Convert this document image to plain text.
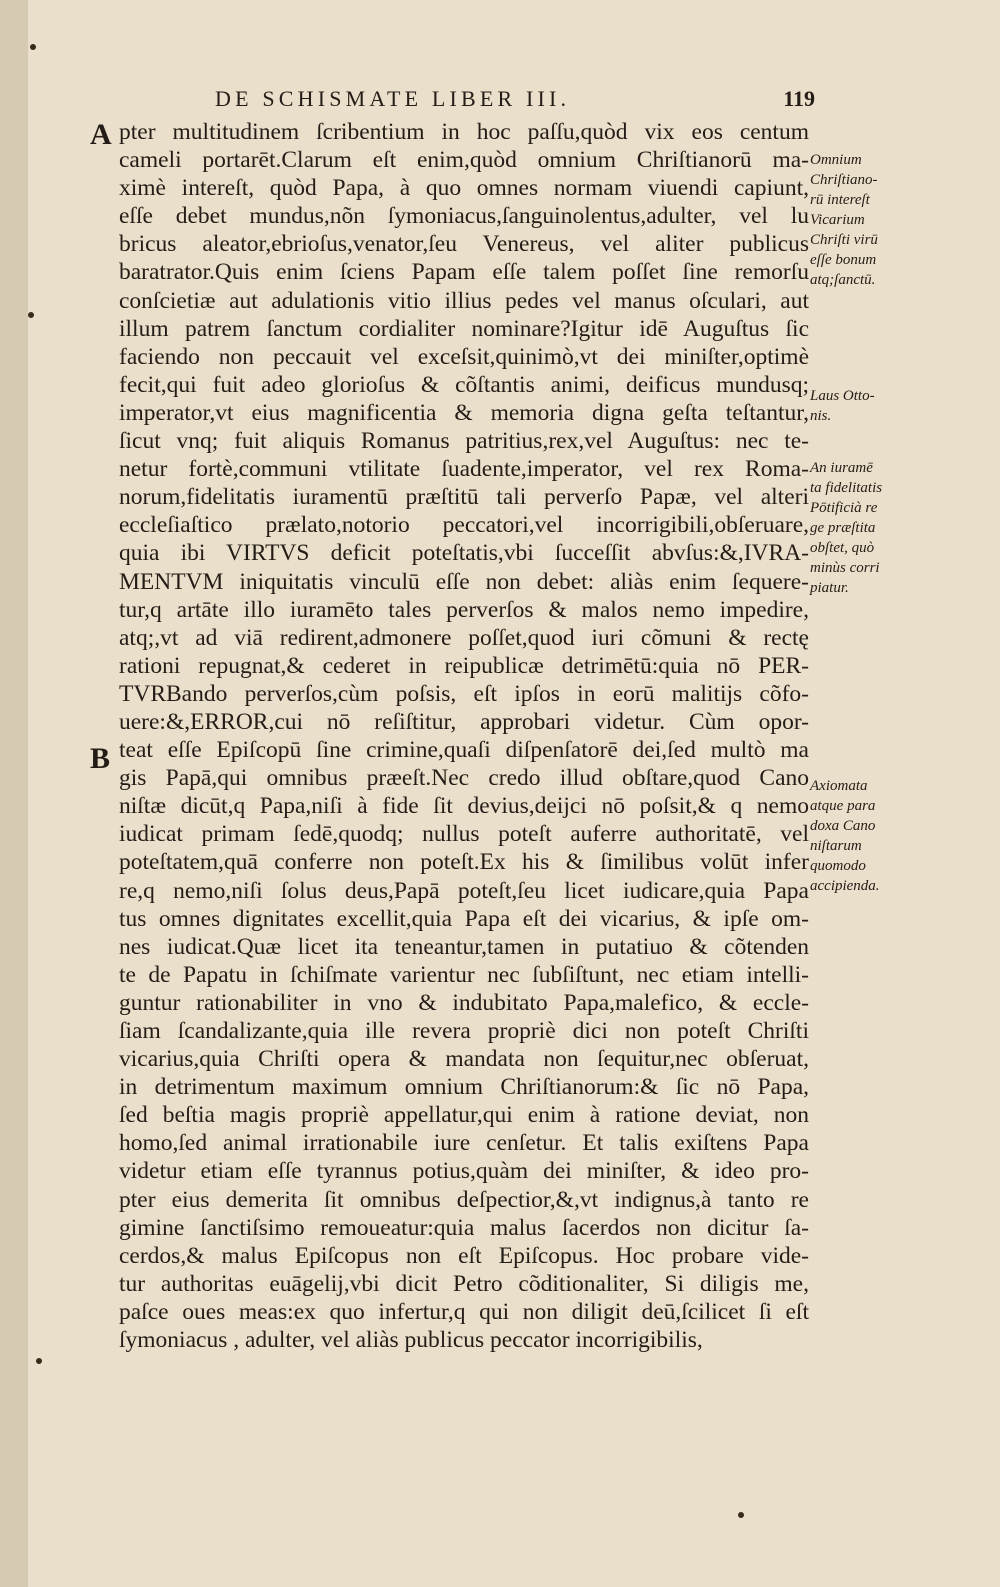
DE SCHISMATE LIBER III.	119
A
B
pter multitudinem ſcribentium in hoc paſſu,quòd vix eos centum
cameli portarēt.Clarum eſt enim,quòd omnium Chriſtianorū ma-
ximè intereſt, quòd Papa, à quo omnes normam viuendi capiunt,
eſſe debet mundus,nõn ſymoniacus,ſanguinolentus,adulter, vel lu
bricus aleator,ebrioſus,venator,ſeu Venereus, vel aliter publicus
baratrator.Quis enim ſciens Papam eſſe talem poſſet ſine remorſu
conſcietiæ aut adulationis vitio illius pedes vel manus oſculari, aut
illum patrem ſanctum cordialiter nominare?Igitur idē Auguſtus ſic
faciendo non peccauit vel exceſsit,quinimò,vt dei miniſter,optimè
fecit,qui fuit adeo glorioſus & cõſtantis animi, deificus mundusq;
imperator,vt eius magnificentia & memoria digna geſta teſtantur,
ſicut vnq; fuit aliquis Romanus patritius,rex,vel Auguſtus: nec te-
netur fortè,communi vtilitate ſuadente,imperator, vel rex Roma-
norum,fidelitatis iuramentū præſtitū tali perverſo Papæ, vel alteri
eccleſiaſtico prælato,notorio peccatori,vel incorrigibili,obſeruare,
quia ibi VIRTVS deficit poteſtatis,vbi ſucceſſit abvſus:&,IVRA-
MENTVM iniquitatis vinculū eſſe non debet: aliàs enim ſequere-
tur,q artāte illo iuramēto tales perverſos & malos nemo impedire,
atq;,vt ad viā redirent,admonere poſſet,quod iuri cõmuni & rectę
rationi repugnat,& cederet in reipublicæ detrimētū:quia nō PER-
TVRBando perverſos,cùm poſsis, eſt ipſos in eorū malitijs cõfo-
uere:&,ERROR,cui nō reſiſtitur, approbari videtur. Cùm opor-
teat eſſe Epiſcopū ſine crimine,quaſi diſpenſatorē dei,ſed multò ma
gis Papā,qui omnibus præeſt.Nec credo illud obſtare,quod Cano
niſtæ dicūt,q Papa,niſi à fide ſit devius,deijci nō poſsit,& q nemo
iudicat primam ſedē,quodq; nullus poteſt auferre authoritatē, vel
poteſtatem,quā conferre non poteſt.Ex his & ſimilibus volūt infer
re,q nemo,niſi ſolus deus,Papā poteſt,ſeu licet iudicare,quia Papa
tus omnes dignitates excellit,quia Papa eſt dei vicarius, & ipſe om-
nes iudicat.Quæ licet ita teneantur,tamen in putatiuo & cõtenden
te de Papatu in ſchiſmate varientur nec ſubſiſtunt, nec etiam intelli-
guntur rationabiliter in vno & indubitato Papa,malefico, & eccle-
ſiam ſcandalizante,quia ille revera propriè dici non poteſt Chriſti
vicarius,quia Chriſti opera & mandata non ſequitur,nec obſeruat,
in detrimentum maximum omnium Chriſtianorum:& ſic nō Papa,
ſed beſtia magis propriè appellatur,qui enim à ratione deviat, non
homo,ſed animal irrationabile iure cenſetur. Et talis exiſtens Papa
videtur etiam eſſe tyrannus potius,quàm dei miniſter, & ideo pro-
pter eius demerita ſit omnibus deſpectior,&,vt indignus,à tanto re
gimine ſanctiſsimo remoueatur:quia malus ſacerdos non dicitur ſa-
cerdos,& malus Epiſcopus non eſt Epiſcopus. Hoc probare vide-
tur authoritas euāgelij,vbi dicit Petro cõditionaliter, Si diligis me,
paſce oues meas:ex quo infertur,q qui non diligit deū,ſcilicet ſi eſt
ſymoniacus , adulter, vel aliàs publicus peccator incorrigibilis,
Omnium
Chriſtiano-
rū intereſt
Vicarium
Chriſti virū
eſſe bonum
atq;ſanctū.
Laus Otto-
nis.
An iuramē
ta fidelitatis
Pōtificià re
ge præſtita
obſtet, quò
minùs corri
piatur.
Axiomata
atque para
doxa Cano
niſtarum
quomodo
accipienda.
